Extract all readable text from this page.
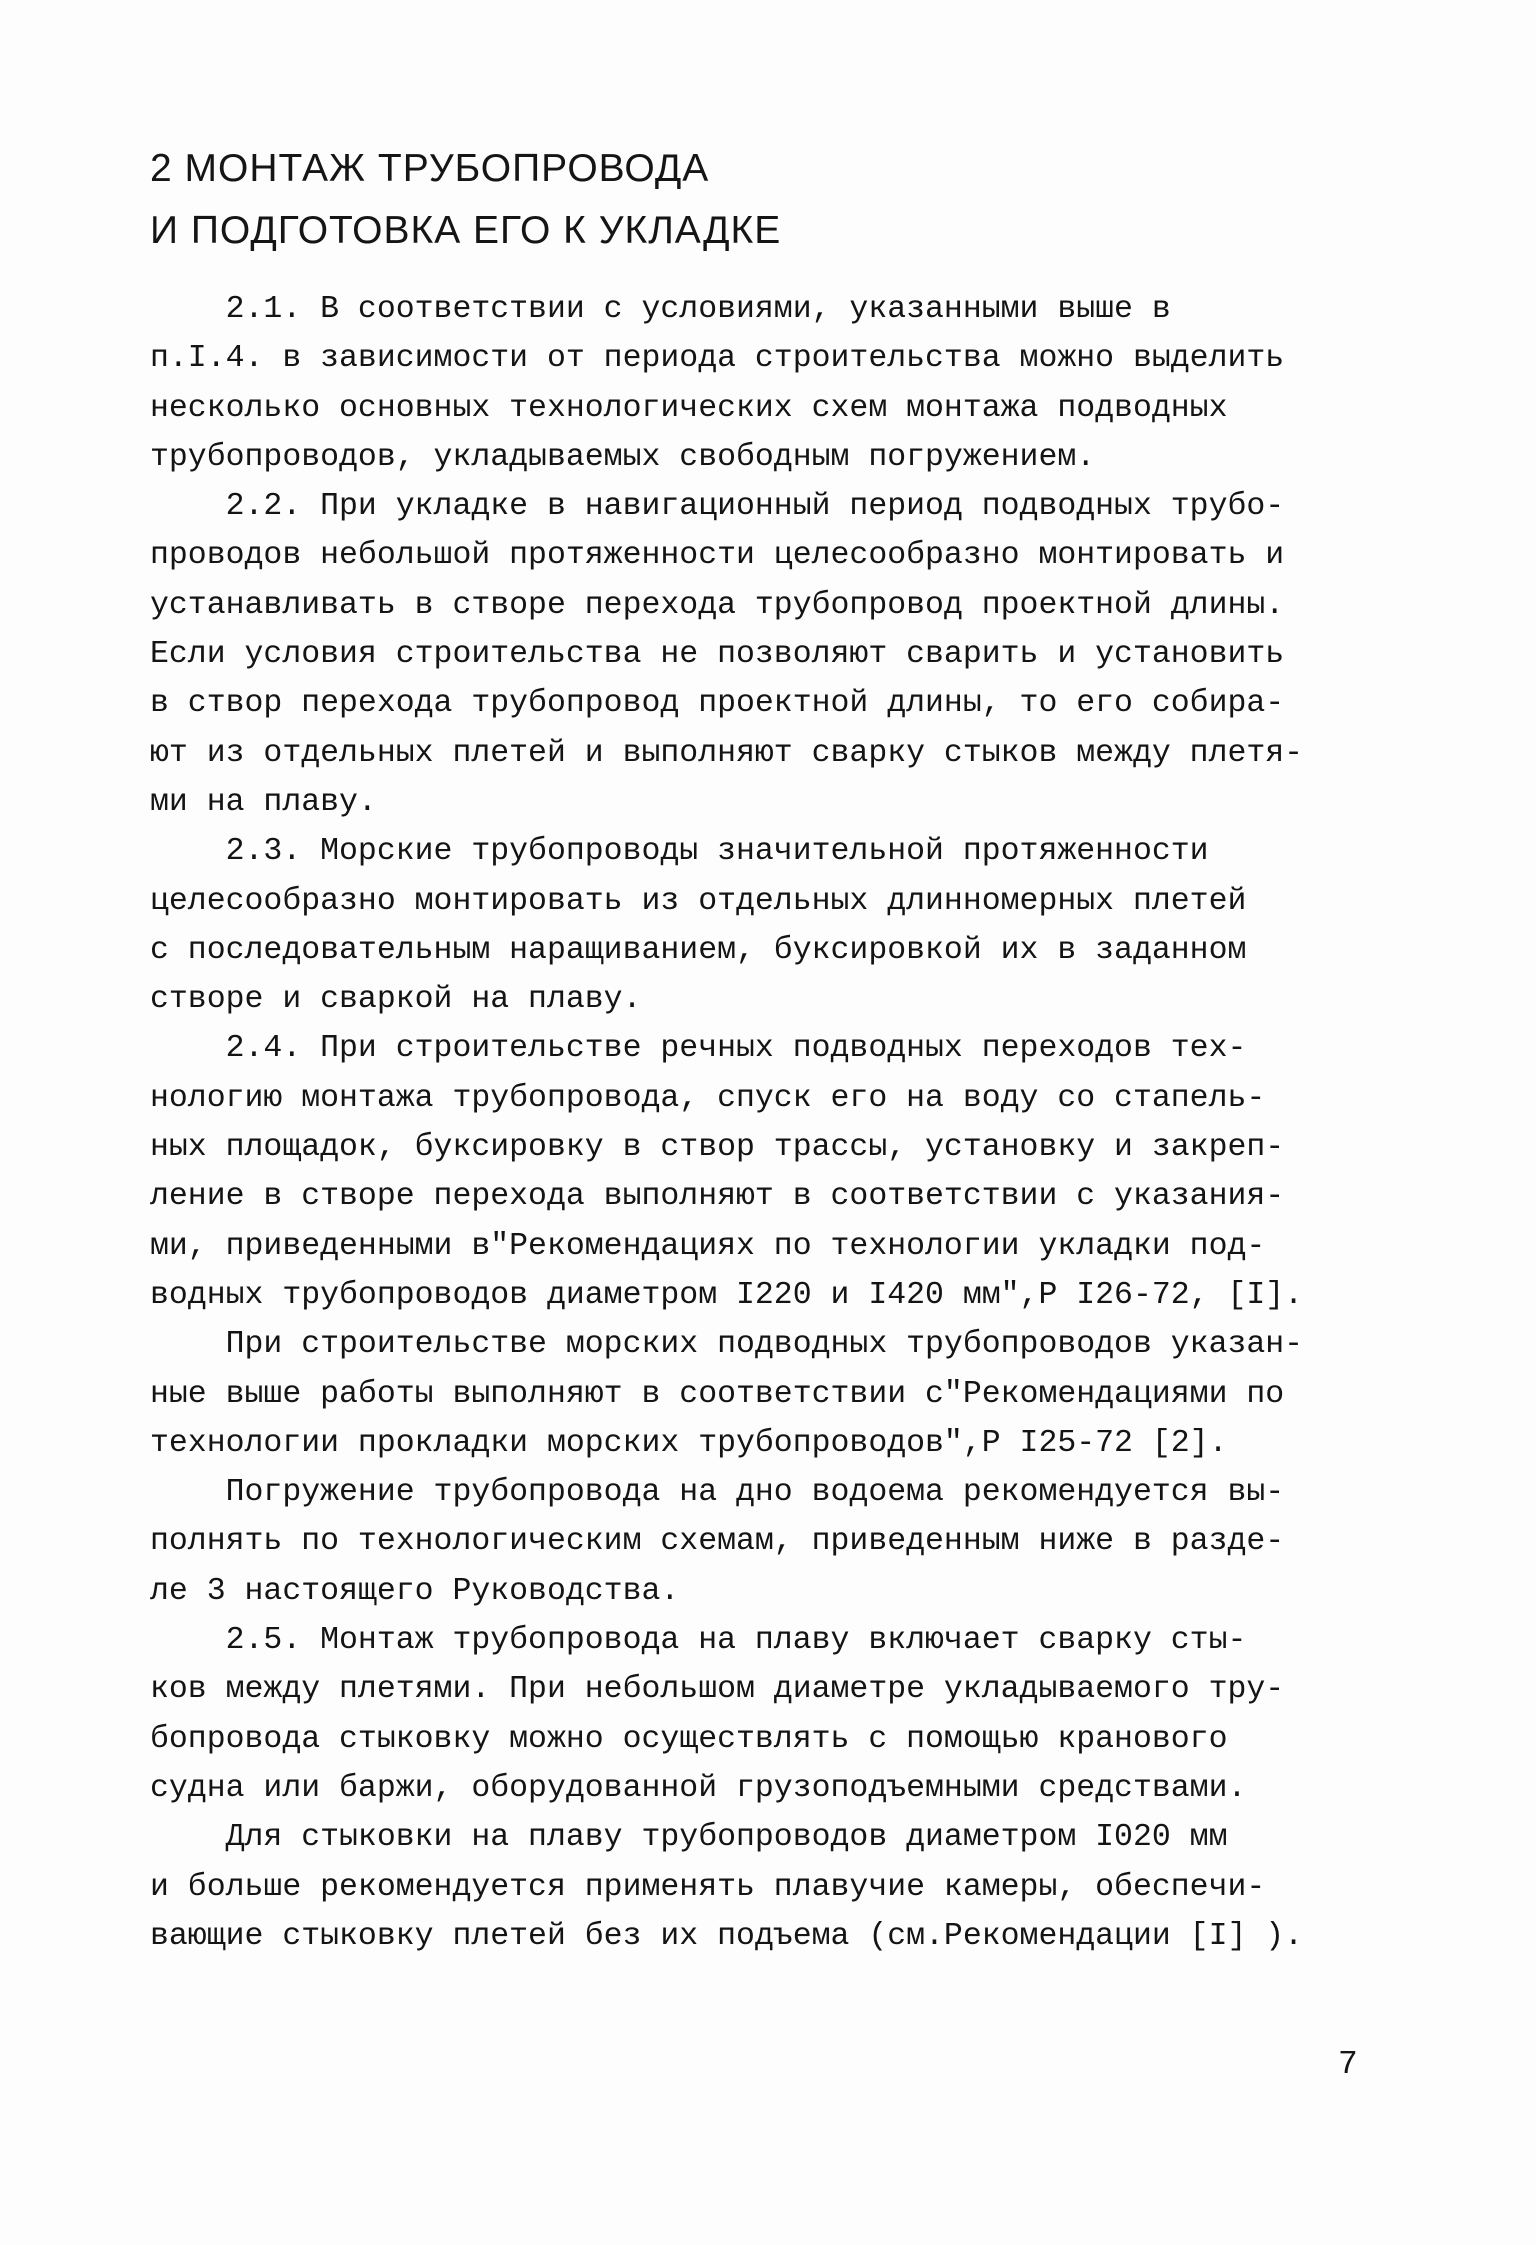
2 МОНТАЖ ТРУБОПРОВОДА
И ПОДГОТОВКА ЕГО К УКЛАДКЕ
2.1. В соответствии с условиями, указанными выше в
п.I.4. в зависимости от периода строительства можно выделить
несколько основных технологических схем монтажа подводных
трубопроводов, укладываемых свободным погружением.
2.2. При укладке в навигационный период подводных трубо-
проводов небольшой протяженности целесообразно монтировать и
устанавливать в створе перехода трубопровод проектной длины.
Если условия строительства не позволяют сварить и установить
в створ перехода трубопровод проектной длины, то его собира-
ют из отдельных плетей и выполняют сварку стыков между плетя-
ми на плаву.
2.3. Морские трубопроводы значительной протяженности
целесообразно монтировать из отдельных длинномерных плетей
с последовательным наращиванием, буксировкой их в заданном
створе и сваркой на плаву.
2.4. При строительстве речных подводных переходов тех-
нологию монтажа трубопровода, спуск его на воду со стапель-
ных площадок, буксировку в створ трассы, установку и закреп-
ление в створе перехода выполняют в соответствии с указания-
ми, приведенными в"Рекомендациях по технологии укладки под-
водных трубопроводов диаметром I220 и I420 мм",Р I26-72, [I].
При строительстве морских подводных трубопроводов указан-
ные выше работы выполняют в соответствии с"Рекомендациями по
технологии прокладки морских трубопроводов",Р I25-72 [2].
Погружение трубопровода на дно водоема рекомендуется вы-
полнять по технологическим схемам, приведенным ниже в разде-
ле 3 настоящего Руководства.
2.5. Монтаж трубопровода на плаву включает сварку сты-
ков между плетями. При небольшом диаметре укладываемого тру-
бопровода стыковку можно осуществлять с помощью кранового
судна или баржи, оборудованной грузоподъемными средствами.
Для стыковки на плаву трубопроводов диаметром I020 мм
и больше рекомендуется применять плавучие камеры, обеспечи-
вающие стыковку плетей без их подъема (см.Рекомендации [I] ).
7
